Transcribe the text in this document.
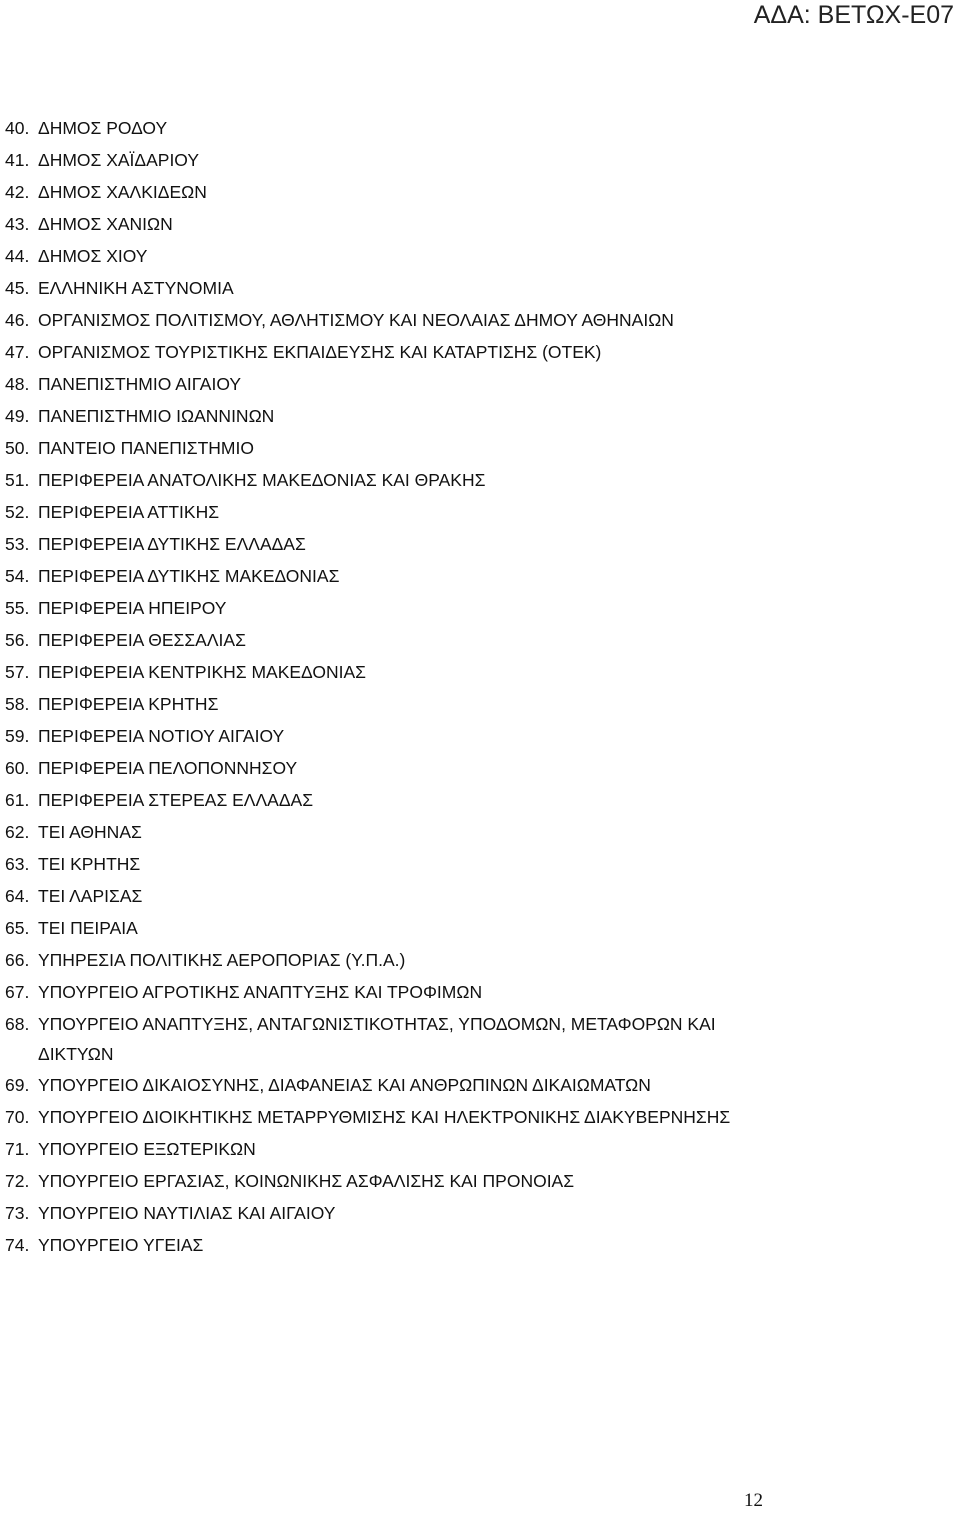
ΑΔΑ: ΒΕΤΩΧ-Ε07
40. ΔΗΜΟΣ ΡΟΔΟΥ
41. ΔΗΜΟΣ ΧΑΪΔΑΡΙΟΥ
42. ΔΗΜΟΣ ΧΑΛΚΙΔΕΩΝ
43. ΔΗΜΟΣ ΧΑΝΙΩΝ
44. ΔΗΜΟΣ ΧΙΟΥ
45. ΕΛΛΗΝΙΚΗ ΑΣΤΥΝΟΜΙΑ
46. ΟΡΓΑΝΙΣΜΟΣ ΠΟΛΙΤΙΣΜΟΥ, ΑΘΛΗΤΙΣΜΟΥ ΚΑΙ ΝΕΟΛΑΙΑΣ ΔΗΜΟΥ ΑΘΗΝΑΙΩΝ
47. ΟΡΓΑΝΙΣΜΟΣ ΤΟΥΡΙΣΤΙΚΗΣ ΕΚΠΑΙΔΕΥΣΗΣ ΚΑΙ ΚΑΤΑΡΤΙΣΗΣ (ΟΤΕΚ)
48. ΠΑΝΕΠΙΣΤΗΜΙΟ ΑΙΓΑΙΟΥ
49. ΠΑΝΕΠΙΣΤΗΜΙΟ ΙΩΑΝΝΙΝΩΝ
50. ΠΑΝΤΕΙΟ ΠΑΝΕΠΙΣΤΗΜΙΟ
51. ΠΕΡΙΦΕΡΕΙΑ ΑΝΑΤΟΛΙΚΗΣ ΜΑΚΕΔΟΝΙΑΣ ΚΑΙ ΘΡΑΚΗΣ
52. ΠΕΡΙΦΕΡΕΙΑ ΑΤΤΙΚΗΣ
53. ΠΕΡΙΦΕΡΕΙΑ ΔΥΤΙΚΗΣ ΕΛΛΑΔΑΣ
54. ΠΕΡΙΦΕΡΕΙΑ ΔΥΤΙΚΗΣ ΜΑΚΕΔΟΝΙΑΣ
55. ΠΕΡΙΦΕΡΕΙΑ ΗΠΕΙΡΟΥ
56. ΠΕΡΙΦΕΡΕΙΑ ΘΕΣΣΑΛΙΑΣ
57. ΠΕΡΙΦΕΡΕΙΑ ΚΕΝΤΡΙΚΗΣ ΜΑΚΕΔΟΝΙΑΣ
58. ΠΕΡΙΦΕΡΕΙΑ ΚΡΗΤΗΣ
59. ΠΕΡΙΦΕΡΕΙΑ ΝΟΤΙΟΥ ΑΙΓΑΙΟΥ
60. ΠΕΡΙΦΕΡΕΙΑ ΠΕΛΟΠΟΝΝΗΣΟΥ
61. ΠΕΡΙΦΕΡΕΙΑ ΣΤΕΡΕΑΣ ΕΛΛΑΔΑΣ
62. ΤΕΙ ΑΘΗΝΑΣ
63. ΤΕΙ ΚΡΗΤΗΣ
64. ΤΕΙ ΛΑΡΙΣΑΣ
65. ΤΕΙ ΠΕΙΡΑΙΑ
66. ΥΠΗΡΕΣΙΑ ΠΟΛΙΤΙΚΗΣ ΑΕΡΟΠΟΡΙΑΣ (Υ.Π.Α.)
67. ΥΠΟΥΡΓΕΙΟ ΑΓΡΟΤΙΚΗΣ ΑΝΑΠΤΥΞΗΣ ΚΑΙ ΤΡΟΦΙΜΩΝ
68. ΥΠΟΥΡΓΕΙΟ ΑΝΑΠΤΥΞΗΣ, ΑΝΤΑΓΩΝΙΣΤΙΚΟΤΗΤΑΣ, ΥΠΟΔΟΜΩΝ, ΜΕΤΑΦΟΡΩΝ ΚΑΙ ΔΙΚΤΥΩΝ
69. ΥΠΟΥΡΓΕΙΟ ΔΙΚΑΙΟΣΥΝΗΣ, ΔΙΑΦΑΝΕΙΑΣ ΚΑΙ ΑΝΘΡΩΠΙΝΩΝ ΔΙΚΑΙΩΜΑΤΩΝ
70. ΥΠΟΥΡΓΕΙΟ ΔΙΟΙΚΗΤΙΚΗΣ ΜΕΤΑΡΡΥΘΜΙΣΗΣ ΚΑΙ ΗΛΕΚΤΡΟΝΙΚΗΣ ΔΙΑΚΥΒΕΡΝΗΣΗΣ
71. ΥΠΟΥΡΓΕΙΟ ΕΞΩΤΕΡΙΚΩΝ
72. ΥΠΟΥΡΓΕΙΟ ΕΡΓΑΣΙΑΣ, ΚΟΙΝΩΝΙΚΗΣ ΑΣΦΑΛΙΣΗΣ ΚΑΙ ΠΡΟΝΟΙΑΣ
73. ΥΠΟΥΡΓΕΙΟ ΝΑΥΤΙΛΙΑΣ ΚΑΙ ΑΙΓΑΙΟΥ
74. ΥΠΟΥΡΓΕΙΟ ΥΓΕΙΑΣ
12
